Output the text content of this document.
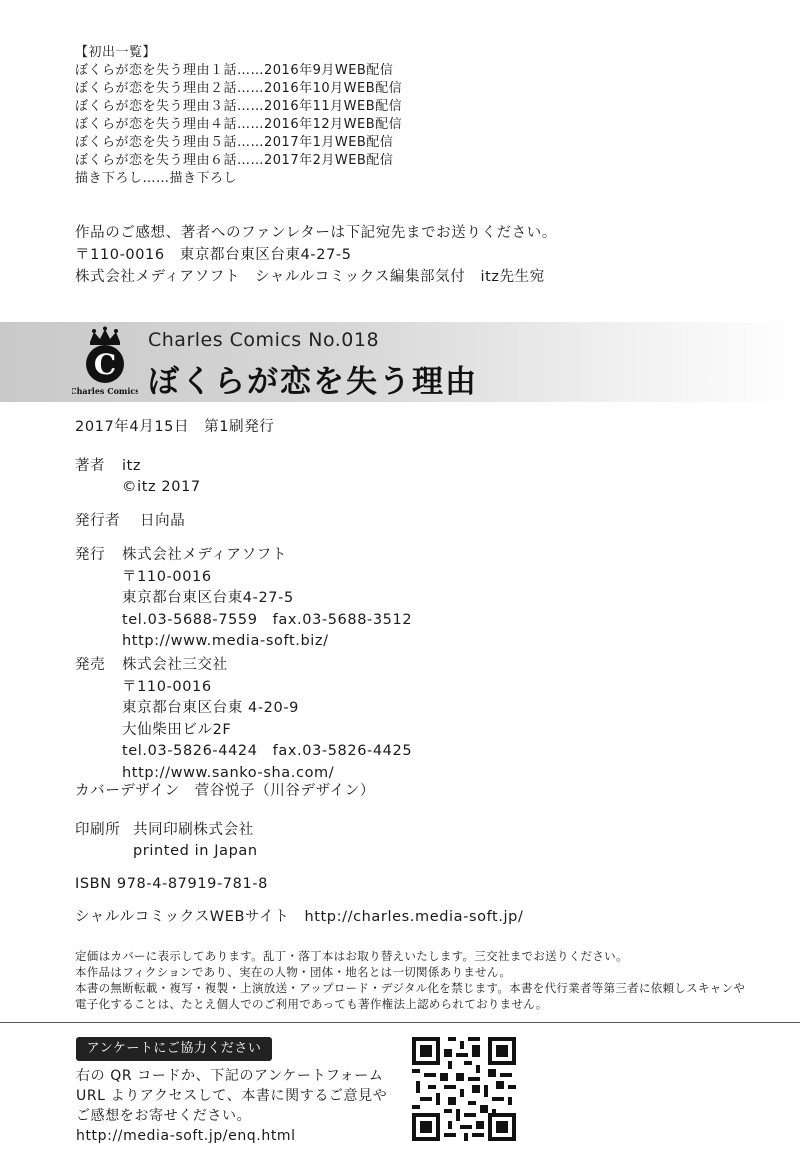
【初出一覧】
ぼくらが恋を失う理由１話……2016年9月WEB配信
ぼくらが恋を失う理由２話……2016年10月WEB配信
ぼくらが恋を失う理由３話……2016年11月WEB配信
ぼくらが恋を失う理由４話……2016年12月WEB配信
ぼくらが恋を失う理由５話……2017年1月WEB配信
ぼくらが恋を失う理由６話……2017年2月WEB配信
描き下ろし……描き下ろし
作品のご感想、著者へのファンレターは下記宛先までお送りください。
〒110-0016　東京都台東区台東4-27-5
株式会社メディアソフト　シャルルコミックス編集部気付　itz先生宛
C
Charles Comics
Charles Comics No.018
ぼくらが恋を失う理由
2017年4月15日　第1刷発行
著者 itz
©itz 2017
発行者 日向晶
発行 株式会社メディアソフト
〒110-0016
東京都台東区台東4-27-5
tel.03-5688-7559　fax.03-5688-3512
http://www.media-soft.biz/
発売 株式会社三交社
〒110-0016
東京都台東区台東 4-20-9
大仙柴田ビル2F
tel.03-5826-4424　fax.03-5826-4425
http://www.sanko-sha.com/
カバーデザイン　菅谷悦子（川谷デザイン）
印刷所 共同印刷株式会社
printed in Japan
ISBN 978-4-87919-781-8
シャルルコミックスWEBサイト　http://charles.media-soft.jp/
定価はカバーに表示してあります。乱丁・落丁本はお取り替えいたします。三交社までお送りください。
本作品はフィクションであり、実在の人物・団体・地名とは一切関係ありません。
本書の無断転載・複写・複製・上演放送・アップロード・デジタル化を禁じます。本書を代行業者等第三者に依頼しスキャンや
電子化することは、たとえ個人でのご利用であっても著作権法上認められておりません。
アンケートにご協力ください
右の QR コードか、下記のアンケートフォーム
URL よりアクセスして、本書に関するご意見や
ご感想をお寄せください。
http://media-soft.jp/enq.html
